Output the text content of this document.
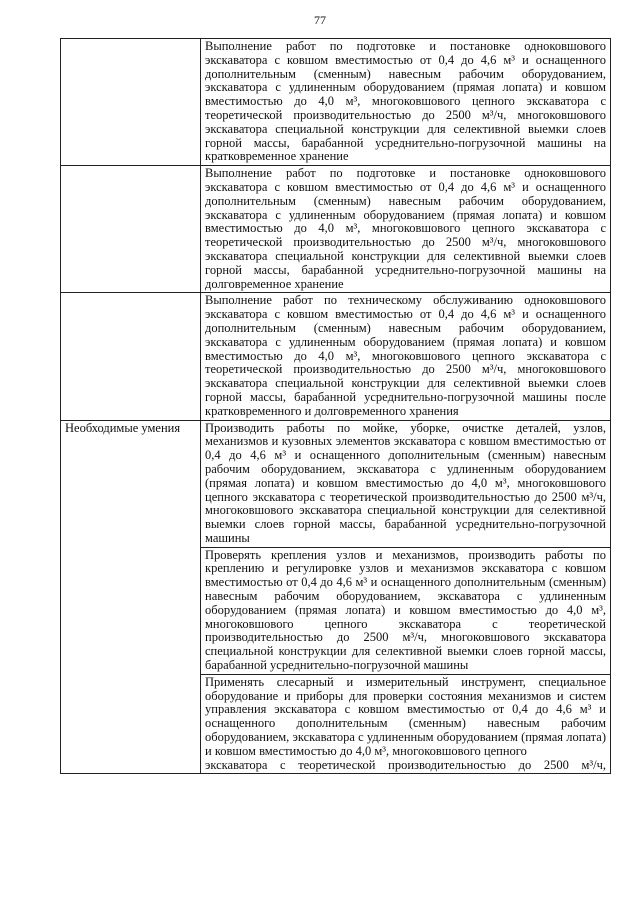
77
	Выполнение работ по подготовке и постановке одноковшового экскаватора с ковшом вместимостью от 0,4 до 4,6 м³ и оснащенного дополнительным (сменным) навесным рабочим оборудованием, экскаватора с удлиненным оборудованием (прямая лопата) и ковшом вместимостью до 4,0 м³, многоковшового цепного экскаватора с теоретической производительностью до 2500 м³/ч, многоковшового экскаватора специальной конструкции для селективной выемки слоев горной массы, барабанной усреднительно-погрузочной машины на кратковременное хранение
	Выполнение работ по подготовке и постановке одноковшового экскаватора с ковшом вместимостью от 0,4 до 4,6 м³ и оснащенного дополнительным (сменным) навесным рабочим оборудованием, экскаватора с удлиненным оборудованием (прямая лопата) и ковшом вместимостью до 4,0 м³, многоковшового цепного экскаватора с теоретической производительностью до 2500 м³/ч, многоковшового экскаватора специальной конструкции для селективной выемки слоев горной массы, барабанной усреднительно-погрузочной машины на долговременное хранение
	Выполнение работ по техническому обслуживанию одноковшового экскаватора с ковшом вместимостью от 0,4 до 4,6 м³ и оснащенного дополнительным (сменным) навесным рабочим оборудованием, экскаватора с удлиненным оборудованием (прямая лопата) и ковшом вместимостью до 4,0 м³, многоковшового цепного экскаватора с теоретической производительностью до 2500 м³/ч, многоковшового экскаватора специальной конструкции для селективной выемки слоев горной массы, барабанной усреднительно-погрузочной машины после кратковременного и долговременного хранения
Необходимые умения	Производить работы по мойке, уборке, очистке деталей, узлов, механизмов и кузовных элементов экскаватора с ковшом вместимостью от 0,4 до 4,6 м³ и оснащенного дополнительным (сменным) навесным рабочим оборудованием, экскаватора с удлиненным оборудованием (прямая лопата) и ковшом вместимостью до 4,0 м³, многоковшового цепного экскаватора с теоретической производительностью до 2500 м³/ч, многоковшового экскаватора специальной конструкции для селективной выемки слоев горной массы, барабанной усреднительно-погрузочной машины
	Проверять крепления узлов и механизмов, производить работы по креплению и регулировке узлов и механизмов экскаватора с ковшом вместимостью от 0,4 до 4,6 м³ и оснащенного дополнительным (сменным) навесным рабочим оборудованием, экскаватора с удлиненным оборудованием (прямая лопата) и ковшом вместимостью до 4,0 м³, многоковшового цепного экскаватора с теоретической производительностью до 2500 м³/ч, многоковшового экскаватора специальной конструкции для селективной выемки слоев горной массы, барабанной усреднительно-погрузочной машины
	Применять слесарный и измерительный инструмент, специальное оборудование и приборы для проверки состояния механизмов и систем управления экскаватора с ковшом вместимостью от 0,4 до 4,6 м³ и оснащенного дополнительным (сменным) навесным рабочим оборудованием, экскаватора с удлиненным оборудованием (прямая лопата) и ковшом вместимостью до 4,0 м³, многоковшового цепного
экскаватора с теоретической производительностью до 2500 м³/ч,
